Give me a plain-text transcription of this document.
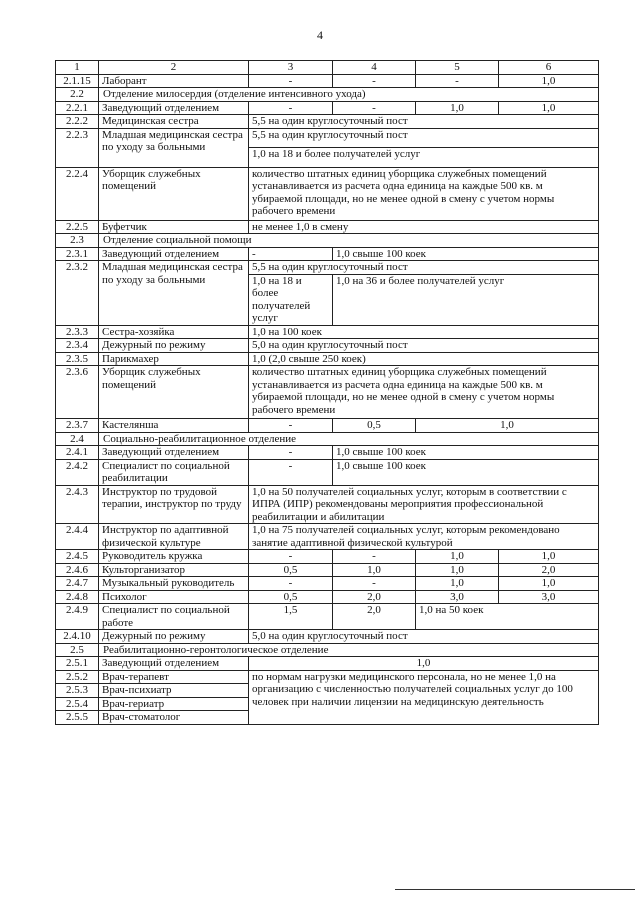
4
1	2	3	4	5	6
2.1.15	Лаборант	-	-	-	1,0
2.2	Отделение милосердия (отделение интенсивного ухода)				
2.2.1	Заведующий отделением	-	-	1,0	1,0
2.2.2	Медицинская сестра	5,5 на один круглосуточный пост			
2.2.3	Младшая медицинская сестра по уходу за больными	5,5 на один круглосуточный пост			
		1,0 на 18 и более получателей услуг			
2.2.4	Уборщик служебных помещений	количество штатных единиц уборщика служебных помещений устанавливается из расчета одна единица на каждые 500 кв. м убираемой площади, но не менее одной в смену с учетом нормы рабочего времени			
2.2.5	Буфетчик	не менее 1,0 в смену			
2.3	Отделение социальной помощи				
2.3.1	Заведующий отделением	-	1,0 свыше 100 коек		
2.3.2	Младшая медицинская сестра по уходу за больными	5,5 на один круглосуточный пост			
		1,0 на 18 и более получателей услуг	1,0 на 36 и более получателей услуг		
2.3.3	Сестра-хозяйка	1,0 на 100 коек			
2.3.4	Дежурный по режиму	5,0 на один круглосуточный пост			
2.3.5	Парикмахер	1,0 (2,0 свыше 250 коек)			
2.3.6	Уборщик служебных помещений	количество штатных единиц уборщика служебных помещений устанавливается из расчета одна единица на каждые 500 кв. м убираемой площади, но не менее одной в смену с учетом нормы рабочего времени			
2.3.7	Кастелянша	-	0,5	1,0	
2.4	Социально-реабилитационное отделение				
2.4.1	Заведующий отделением	-	1,0 свыше 100 коек		
2.4.2	Специалист по социальной реабилитации	-	1,0 свыше 100 коек		
2.4.3	Инструктор по трудовой терапии, инструктор по труду	1,0 на 50 получателей социальных услуг, которым в соответствии с ИПРА (ИПР) рекомендованы мероприятия профессиональной реабилитации и абилитации			
2.4.4	Инструктор по адаптивной физической культуре	1,0 на 75 получателей социальных услуг, которым рекомендовано занятие адаптивной физической культурой			
2.4.5	Руководитель кружка	-	-	1,0	1,0
2.4.6	Культорганизатор	0,5	1,0	1,0	2,0
2.4.7	Музыкальный руководитель	-	-	1,0	1,0
2.4.8	Психолог	0,5	2,0	3,0	3,0
2.4.9	Специалист по социальной работе	1,5	2,0	1,0 на 50 коек	
2.4.10	Дежурный по режиму	5,0 на один круглосуточный пост			
2.5	Реабилитационно-геронтологическое отделение				
2.5.1	Заведующий отделением	1,0			
2.5.2	Врач-терапевт	по нормам нагрузки медицинского персонала, но не менее 1,0 на организацию с численностью получателей социальных услуг до 100 человек при наличии лицензии на медицинскую деятельность			
2.5.3	Врач-психиатр				
2.5.4	Врач-гериатр				
2.5.5	Врач-стоматолог				
